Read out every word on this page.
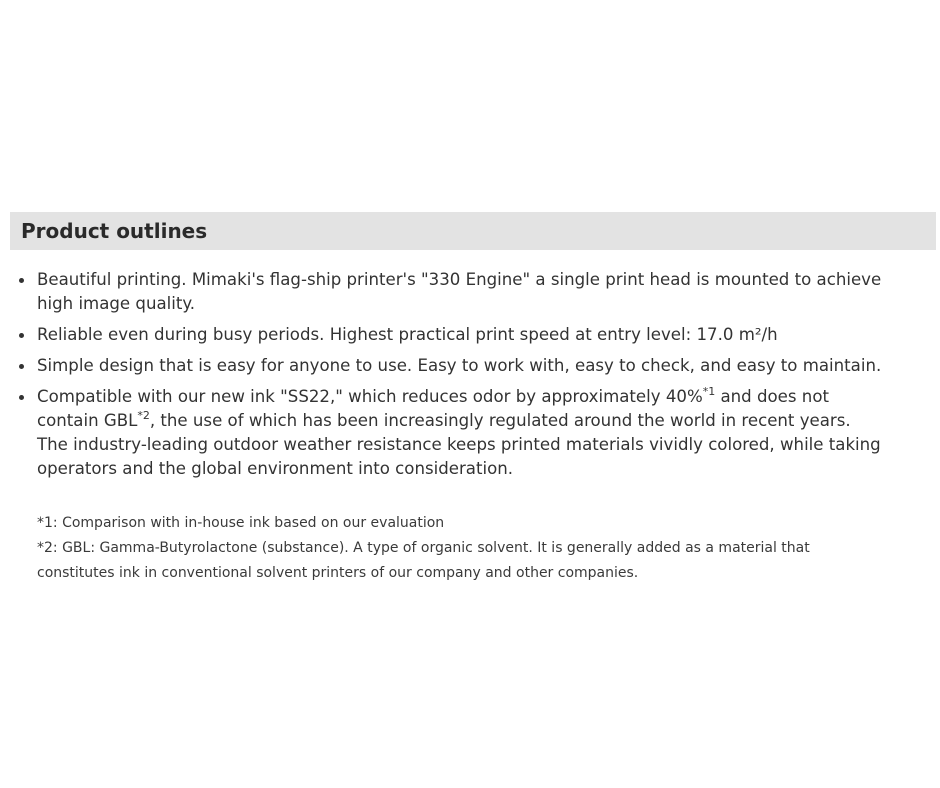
Product outlines
Beautiful printing. Mimaki's flag-ship printer's "330 Engine" a single print head is mounted to achieve
high image quality.
Reliable even during busy periods. Highest practical print speed at entry level: 17.0 m²/h
Simple design that is easy for anyone to use. Easy to work with, easy to check, and easy to maintain.
Compatible with our new ink "SS22," which reduces odor by approximately 40%$^{*1}$ and does not
contain GBL$^{*2}$, the use of which has been increasingly regulated around the world in recent years.
The industry-leading outdoor weather resistance keeps printed materials vividly colored, while taking
operators and the global environment into consideration.
*1: Comparison with in-house ink based on our evaluation
*2: GBL: Gamma-Butyrolactone (substance). A type of organic solvent. It is generally added as a material that
constitutes ink in conventional solvent printers of our company and other companies.
